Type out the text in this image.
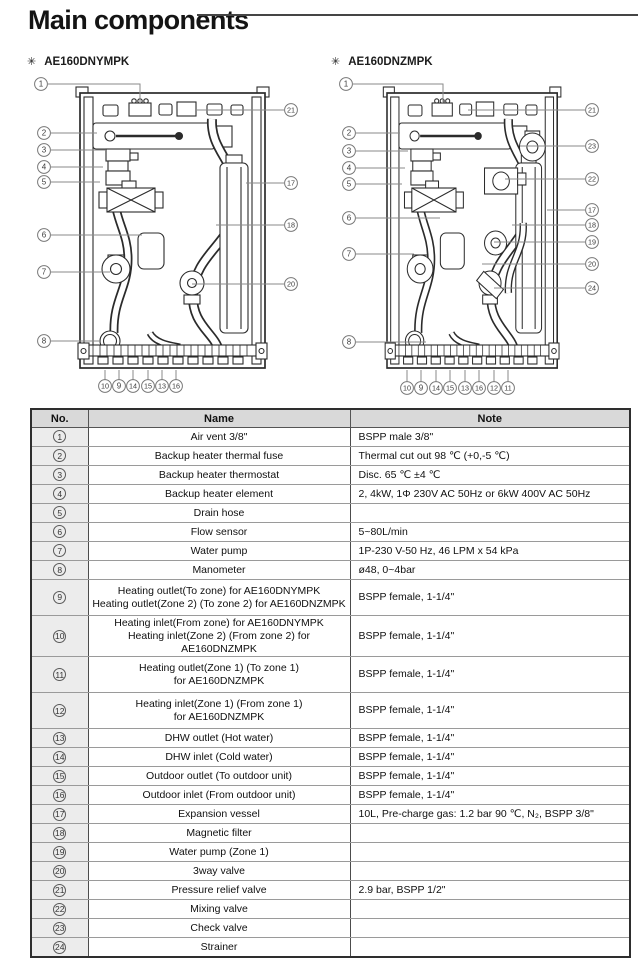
Main components
✳ AE160DNYMPK	✳ AE160DNZMPK
1
2
3
4
5
6
7
8
21
17
18
20
10 9 14 15 13 16
1
2
3
4
5
6
7
8
21
23
22
17
18
19
20
24
10 9 14 15 13 16 12 11
No.	Name	Note
1	Air vent 3/8"	BSPP male 3/8"
2	Backup heater thermal fuse	Thermal cut out 98 ℃ (+0,-5 ℃)
3	Backup heater thermostat	Disc. 65 ℃ ±4 ℃
4	Backup heater element	2, 4kW, 1Φ 230V AC 50Hz or 6kW 400V AC 50Hz
5	Drain hose	
6	Flow sensor	5~80L/min
7	Water pump	1P-230 V-50 Hz, 46 LPM x 54 kPa
8	Manometer	ø48, 0~4bar
9	Heating outlet(To zone) for AE160DNYMPK
Heating outlet(Zone 2) (To zone 2) for AE160DNZMPK	BSPP female, 1-1/4"
10	Heating inlet(From zone) for AE160DNYMPK
Heating inlet(Zone 2) (From zone 2) for AE160DNZMPK	BSPP female, 1-1/4"
11	Heating outlet(Zone 1) (To zone 1)
for AE160DNZMPK	BSPP female, 1-1/4"
12	Heating inlet(Zone 1) (From zone 1)
for AE160DNZMPK	BSPP female, 1-1/4"
13	DHW outlet (Hot water)	BSPP female, 1-1/4"
14	DHW inlet (Cold water)	BSPP female, 1-1/4"
15	Outdoor outlet (To outdoor unit)	BSPP female, 1-1/4"
16	Outdoor inlet (From outdoor unit)	BSPP female, 1-1/4"
17	Expansion vessel	10L, Pre-charge gas: 1.2 bar 90 ℃, N₂, BSPP 3/8"
18	Magnetic filter	
19	Water pump (Zone 1)	
20	3way valve	
21	Pressure relief valve	2.9 bar, BSPP 1/2"
22	Mixing valve	
23	Check valve	
24	Strainer	
